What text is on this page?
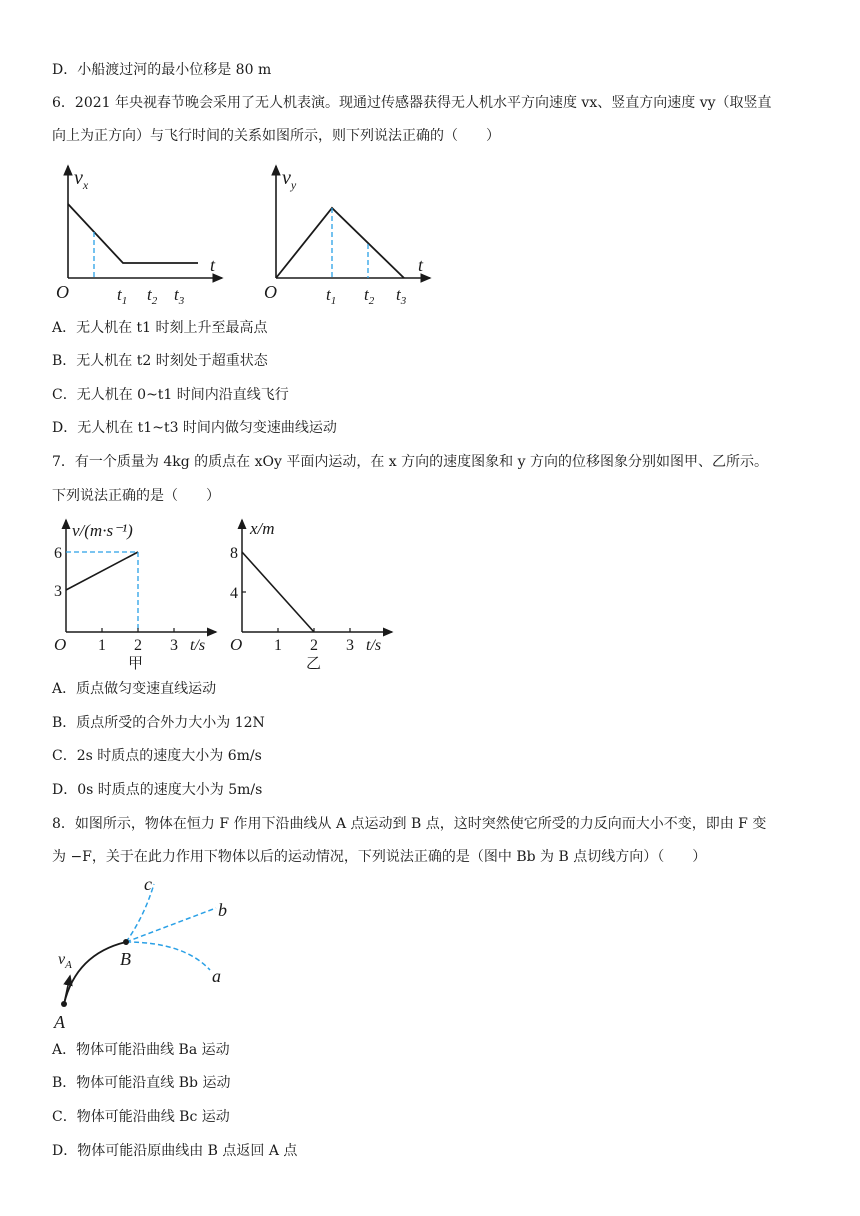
D．小船渡过河的最小位移是 80 m
6．2021 年央视春节晚会采用了无人机表演。现通过传感器获得无人机水平方向速度 vx、竖直方向速度 vy（取竖直
向上为正方向）与飞行时间的关系如图所示，则下列说法正确的（　　）
$v_x$
t
O	$t_1$ $t_2$ $t_3$
$v_y$
t
O	$t_1$ $t_2$ $t_3$
A．无人机在 t1 时刻上升至最高点
B．无人机在 t2 时刻处于超重状态
C．无人机在 0~t1 时间内沿直线飞行
D．无人机在 t1~t3 时间内做匀变速曲线运动
7．有一个质量为 4kg 的质点在 xOy 平面内运动，在 x 方向的速度图象和 y 方向的位移图象分别如图甲、乙所示。
下列说法正确的是（　　）
v/(m·s⁻¹)
6
3
O 1 2 3 t/s
甲
x/m
8
4
O 1 2 3 t/s
乙
A．质点做匀变速直线运动
B．质点所受的合外力大小为 12N
C．2s 时质点的速度大小为 6m/s
D．0s 时质点的速度大小为 5m/s
8．如图所示，物体在恒力 F 作用下沿曲线从 A 点运动到 B 点，这时突然使它所受的力反向而大小不变，即由 F 变
为 −F，关于在此力作用下物体以后的运动情况，下列说法正确的是（图中 Bb 为 B 点切线方向）（　　）
c
b
a
B
A
$v_A$
A．物体可能沿曲线 Ba 运动
B．物体可能沿直线 Bb 运动
C．物体可能沿曲线 Bc 运动
D．物体可能沿原曲线由 B 点返回 A 点
